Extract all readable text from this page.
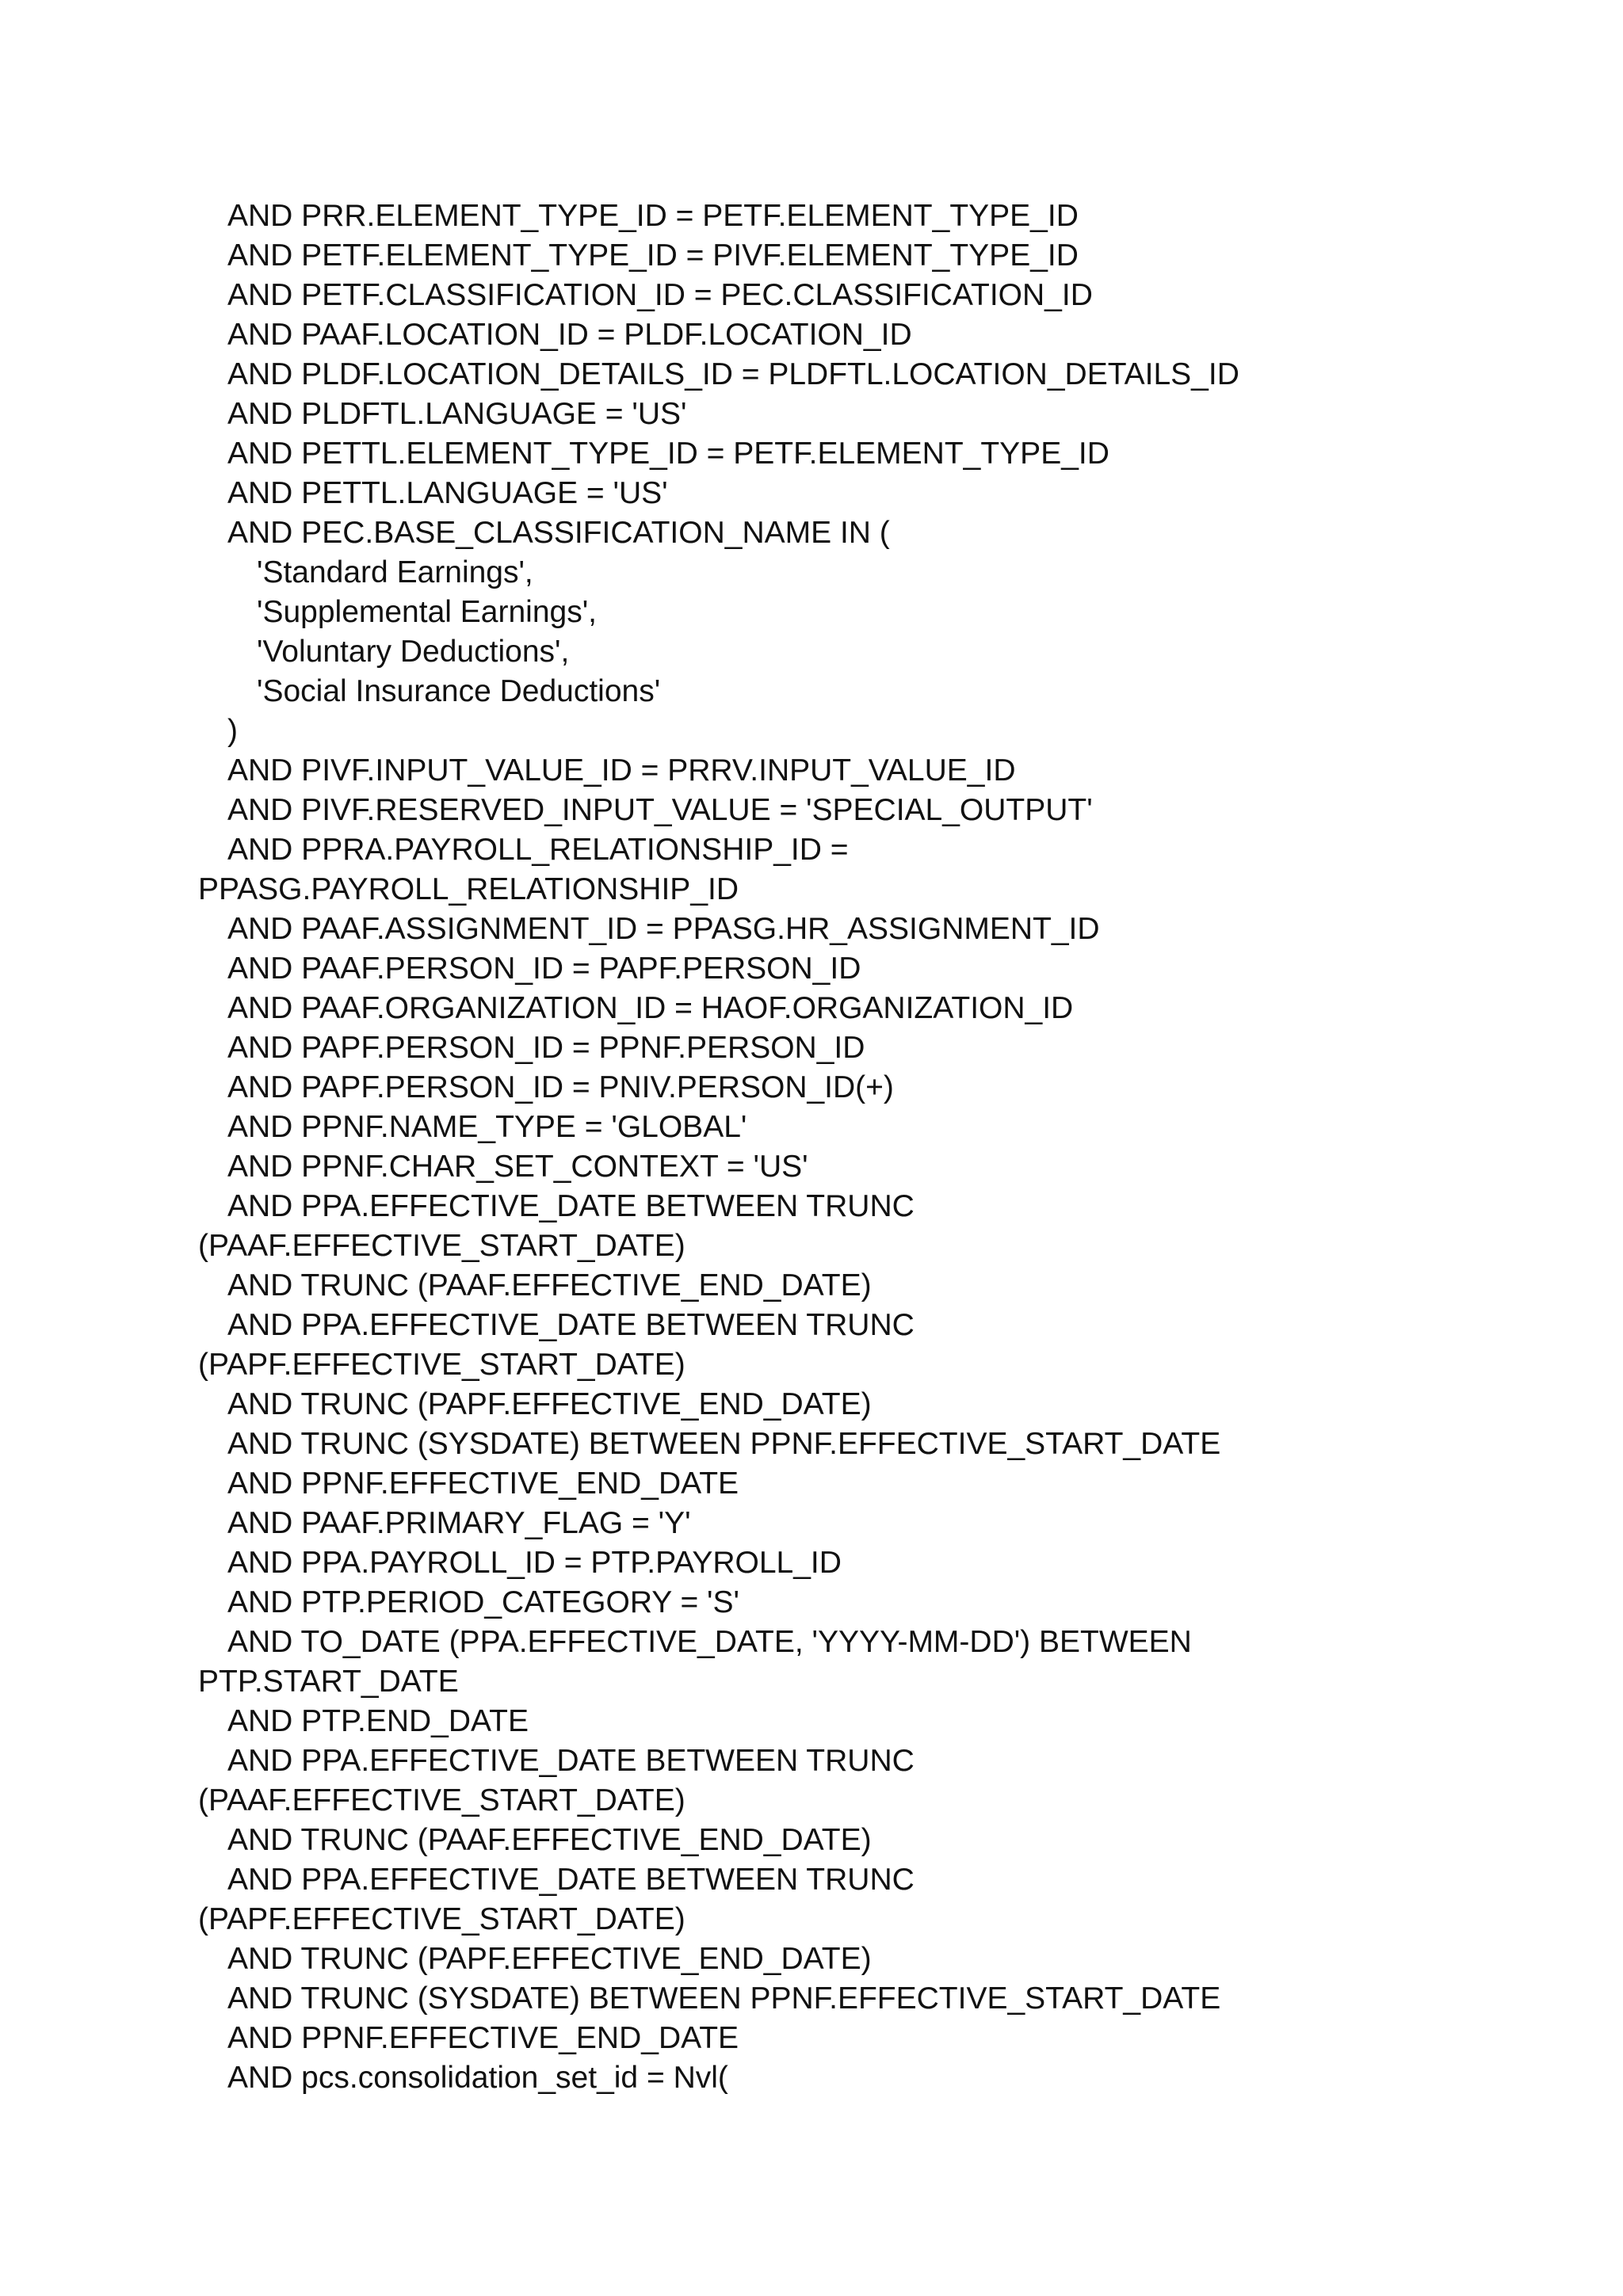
AND PRR.ELEMENT_TYPE_ID = PETF.ELEMENT_TYPE_ID
AND PETF.ELEMENT_TYPE_ID = PIVF.ELEMENT_TYPE_ID
AND PETF.CLASSIFICATION_ID = PEC.CLASSIFICATION_ID
AND PAAF.LOCATION_ID = PLDF.LOCATION_ID
AND PLDF.LOCATION_DETAILS_ID = PLDFTL.LOCATION_DETAILS_ID
AND PLDFTL.LANGUAGE = 'US'
AND PETTL.ELEMENT_TYPE_ID = PETF.ELEMENT_TYPE_ID
AND PETTL.LANGUAGE = 'US'
AND PEC.BASE_CLASSIFICATION_NAME IN (
'Standard Earnings',
'Supplemental Earnings',
'Voluntary Deductions',
'Social Insurance Deductions'
)
AND PIVF.INPUT_VALUE_ID = PRRV.INPUT_VALUE_ID
AND PIVF.RESERVED_INPUT_VALUE = 'SPECIAL_OUTPUT'
AND PPRA.PAYROLL_RELATIONSHIP_ID =
PPASG.PAYROLL_RELATIONSHIP_ID
AND PAAF.ASSIGNMENT_ID = PPASG.HR_ASSIGNMENT_ID
AND PAAF.PERSON_ID = PAPF.PERSON_ID
AND PAAF.ORGANIZATION_ID = HAOF.ORGANIZATION_ID
AND PAPF.PERSON_ID = PPNF.PERSON_ID
AND PAPF.PERSON_ID = PNIV.PERSON_ID(+)
AND PPNF.NAME_TYPE = 'GLOBAL'
AND PPNF.CHAR_SET_CONTEXT = 'US'
AND PPA.EFFECTIVE_DATE BETWEEN TRUNC
(PAAF.EFFECTIVE_START_DATE)
AND TRUNC (PAAF.EFFECTIVE_END_DATE)
AND PPA.EFFECTIVE_DATE BETWEEN TRUNC
(PAPF.EFFECTIVE_START_DATE)
AND TRUNC (PAPF.EFFECTIVE_END_DATE)
AND TRUNC (SYSDATE) BETWEEN PPNF.EFFECTIVE_START_DATE
AND PPNF.EFFECTIVE_END_DATE
AND PAAF.PRIMARY_FLAG = 'Y'
AND PPA.PAYROLL_ID = PTP.PAYROLL_ID
AND PTP.PERIOD_CATEGORY = 'S'
AND TO_DATE (PPA.EFFECTIVE_DATE, 'YYYY-MM-DD') BETWEEN
PTP.START_DATE
AND PTP.END_DATE
AND PPA.EFFECTIVE_DATE BETWEEN TRUNC
(PAAF.EFFECTIVE_START_DATE)
AND TRUNC (PAAF.EFFECTIVE_END_DATE)
AND PPA.EFFECTIVE_DATE BETWEEN TRUNC
(PAPF.EFFECTIVE_START_DATE)
AND TRUNC (PAPF.EFFECTIVE_END_DATE)
AND TRUNC (SYSDATE) BETWEEN PPNF.EFFECTIVE_START_DATE
AND PPNF.EFFECTIVE_END_DATE
AND pcs.consolidation_set_id = Nvl(
